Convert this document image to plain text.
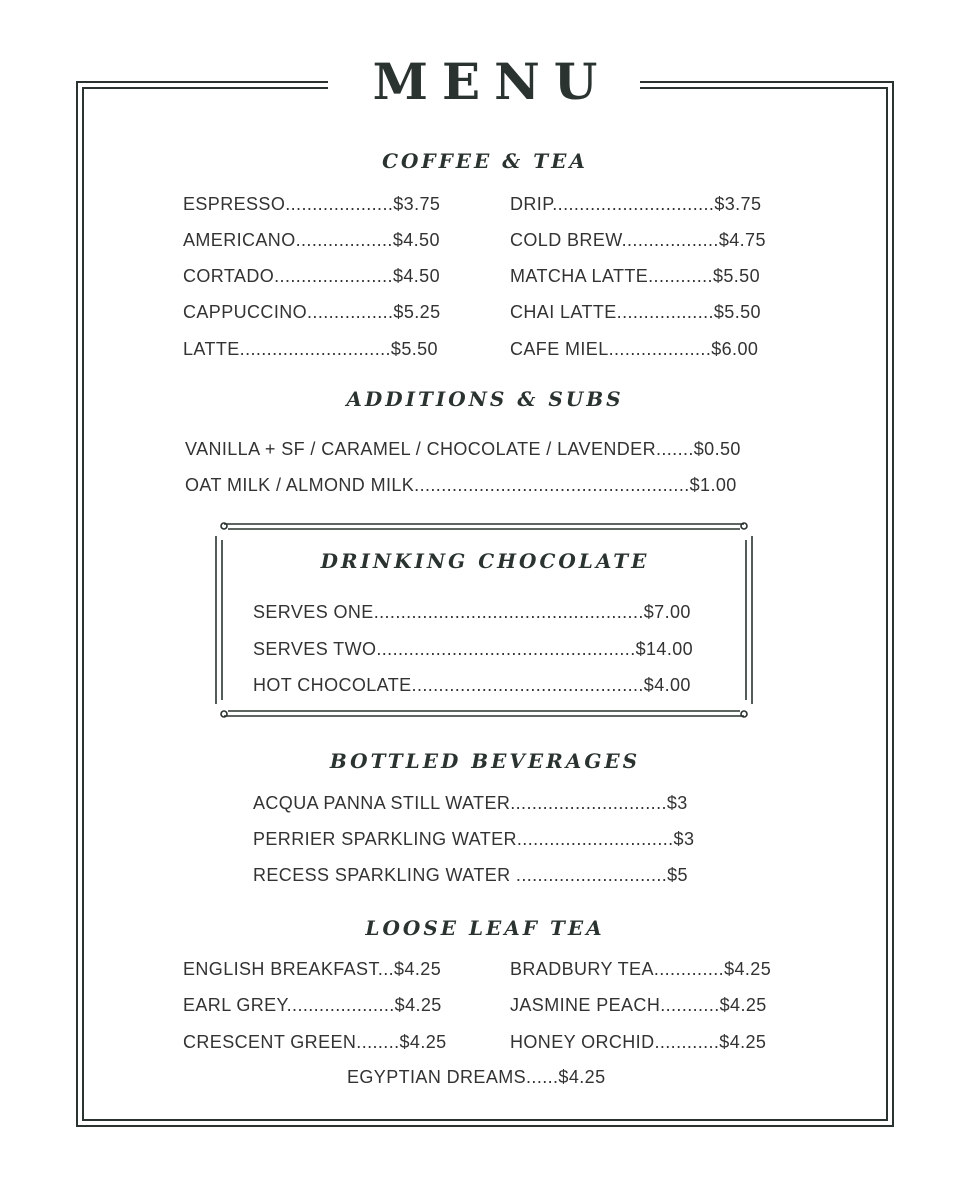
MENU
COFFEE & TEA
ESPRESSO....................$3.75
AMERICANO..................$4.50
CORTADO......................$4.50
CAPPUCCINO................$5.25
LATTE............................$5.50
DRIP..............................$3.75
COLD BREW..................$4.75
MATCHA LATTE............$5.50
CHAI LATTE..................$5.50
CAFE MIEL...................$6.00
ADDITIONS & SUBS
VANILLA + SF / CARAMEL / CHOCOLATE / LAVENDER.......$0.50
OAT MILK / ALMOND MILK...................................................$1.00
DRINKING CHOCOLATE
SERVES ONE..................................................$7.00
SERVES TWO................................................$14.00
HOT CHOCOLATE...........................................$4.00
BOTTLED BEVERAGES
ACQUA PANNA STILL WATER.............................$3
PERRIER SPARKLING WATER.............................$3
RECESS SPARKLING WATER ............................$5
LOOSE LEAF TEA
ENGLISH BREAKFAST...$4.25
EARL GREY....................$4.25
CRESCENT GREEN........$4.25
BRADBURY TEA.............$4.25
JASMINE PEACH...........$4.25
HONEY ORCHID............$4.25
EGYPTIAN DREAMS......$4.25
